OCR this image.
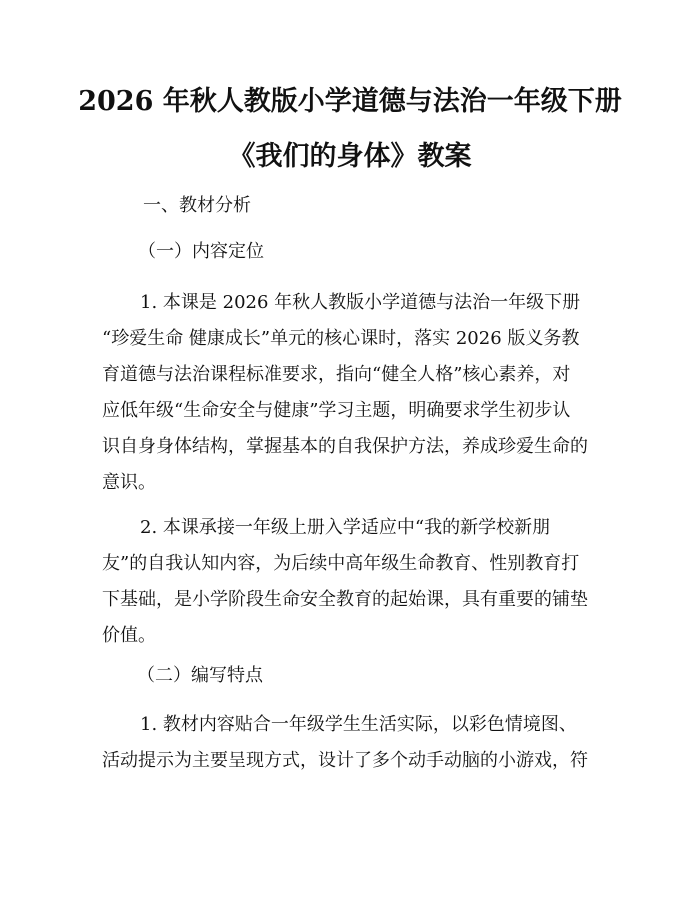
2026 年秋人教版小学道德与法治一年级下册
《我们的身体》教案
一、教材分析
（一）内容定位
1. 本课是 2026 年秋人教版小学道德与法治一年级下册
“珍爱生命 健康成长”单元的核心课时，落实 2026 版义务教
育道德与法治课程标准要求，指向“健全人格”核心素养，对
应低年级“生命安全与健康”学习主题，明确要求学生初步认
识自身身体结构，掌握基本的自我保护方法，养成珍爱生命的
意识。
2. 本课承接一年级上册入学适应中“我的新学校新朋
友”的自我认知内容，为后续中高年级生命教育、性别教育打
下基础，是小学阶段生命安全教育的起始课，具有重要的铺垫
价值。
（二）编写特点
1. 教材内容贴合一年级学生生活实际，以彩色情境图、
活动提示为主要呈现方式，设计了多个动手动脑的小游戏，符
